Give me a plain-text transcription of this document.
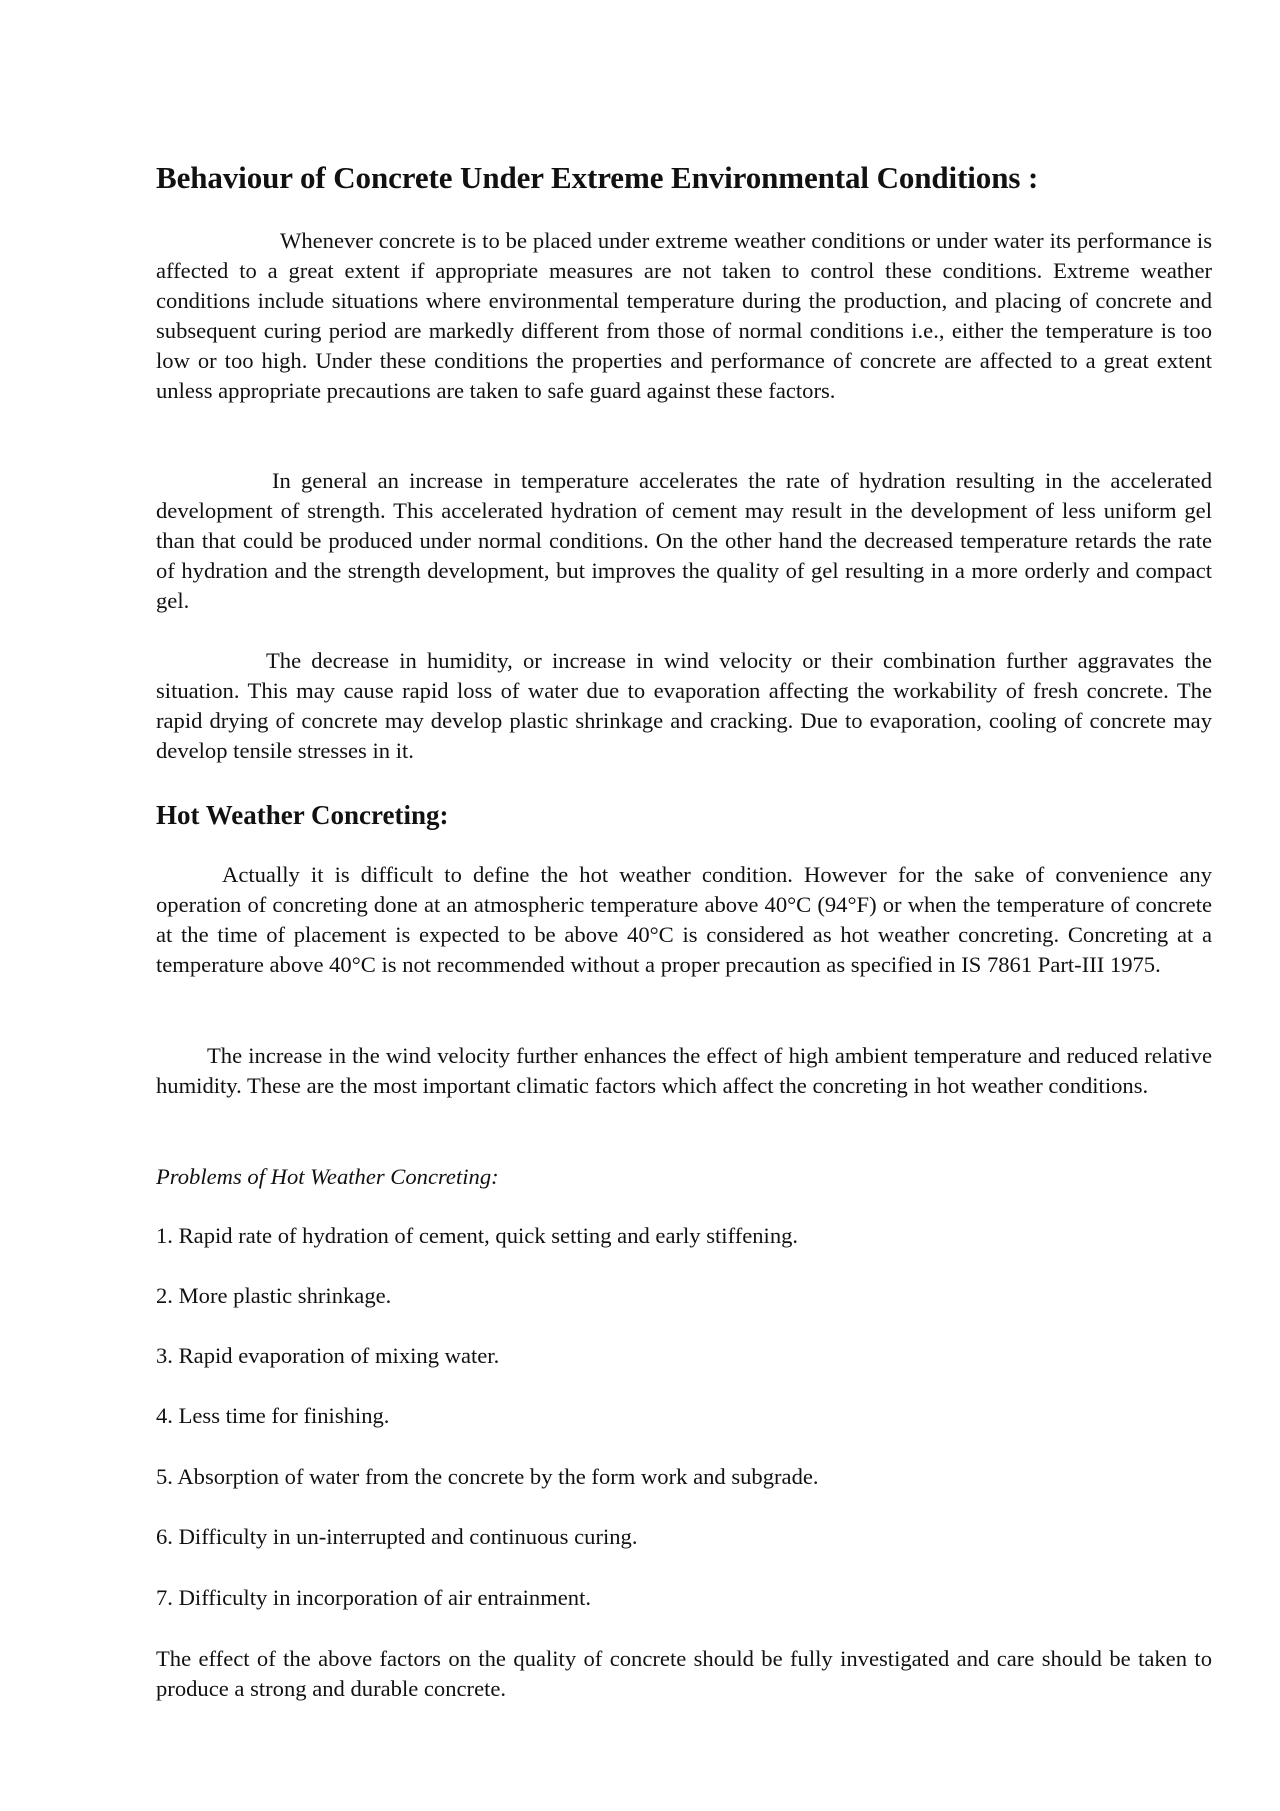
Behaviour of Concrete Under Extreme Environmental Conditions :

Whenever concrete is to be placed under extreme weather conditions or under water its performance is affected to a great extent if appropriate measures are not taken to control these conditions. Extreme weather conditions include situations where environmental temperature during the production, and placing of concrete and subsequent curing period are markedly different from those of normal conditions i.e., either the temperature is too low or too high. Under these conditions the properties and performance of concrete are affected to a great extent unless appropriate precautions are taken to safe guard against these factors.

In general an increase in temperature accelerates the rate of hydration resulting in the accelerated development of strength. This accelerated hydration of cement may result in the development of less uniform gel than that could be produced under normal conditions. On the other hand the decreased temperature retards the rate of hydration and the strength development, but improves the quality of gel resulting in a more orderly and compact gel.

The decrease in humidity, or increase in wind velocity or their combination further aggravates the situation. This may cause rapid loss of water due to evaporation affecting the workability of fresh concrete. The rapid drying of concrete may develop plastic shrinkage and cracking. Due to evaporation, cooling of concrete may develop tensile stresses in it.

Hot Weather Concreting:

Actually it is difficult to define the hot weather condition. However for the sake of convenience any operation of concreting done at an atmospheric temperature above 40°C (94°F) or when the temperature of concrete at the time of placement is expected to be above 40°C is considered as hot weather concreting. Concreting at a temperature above 40°C is not recommended without a proper precaution as specified in IS 7861 Part-III 1975.

The increase in the wind velocity further enhances the effect of high ambient temperature and reduced relative humidity. These are the most important climatic factors which affect the concreting in hot weather conditions.

Problems of Hot Weather Concreting:

1. Rapid rate of hydration of cement, quick setting and early stiffening.

2. More plastic shrinkage.

3. Rapid evaporation of mixing water.

4. Less time for finishing.

5. Absorption of water from the concrete by the form work and subgrade.

6. Difficulty in un-interrupted and continuous curing.

7. Difficulty in incorporation of air entrainment.

The effect of the above factors on the quality of concrete should be fully investigated and care should be taken to produce a strong and durable concrete.
